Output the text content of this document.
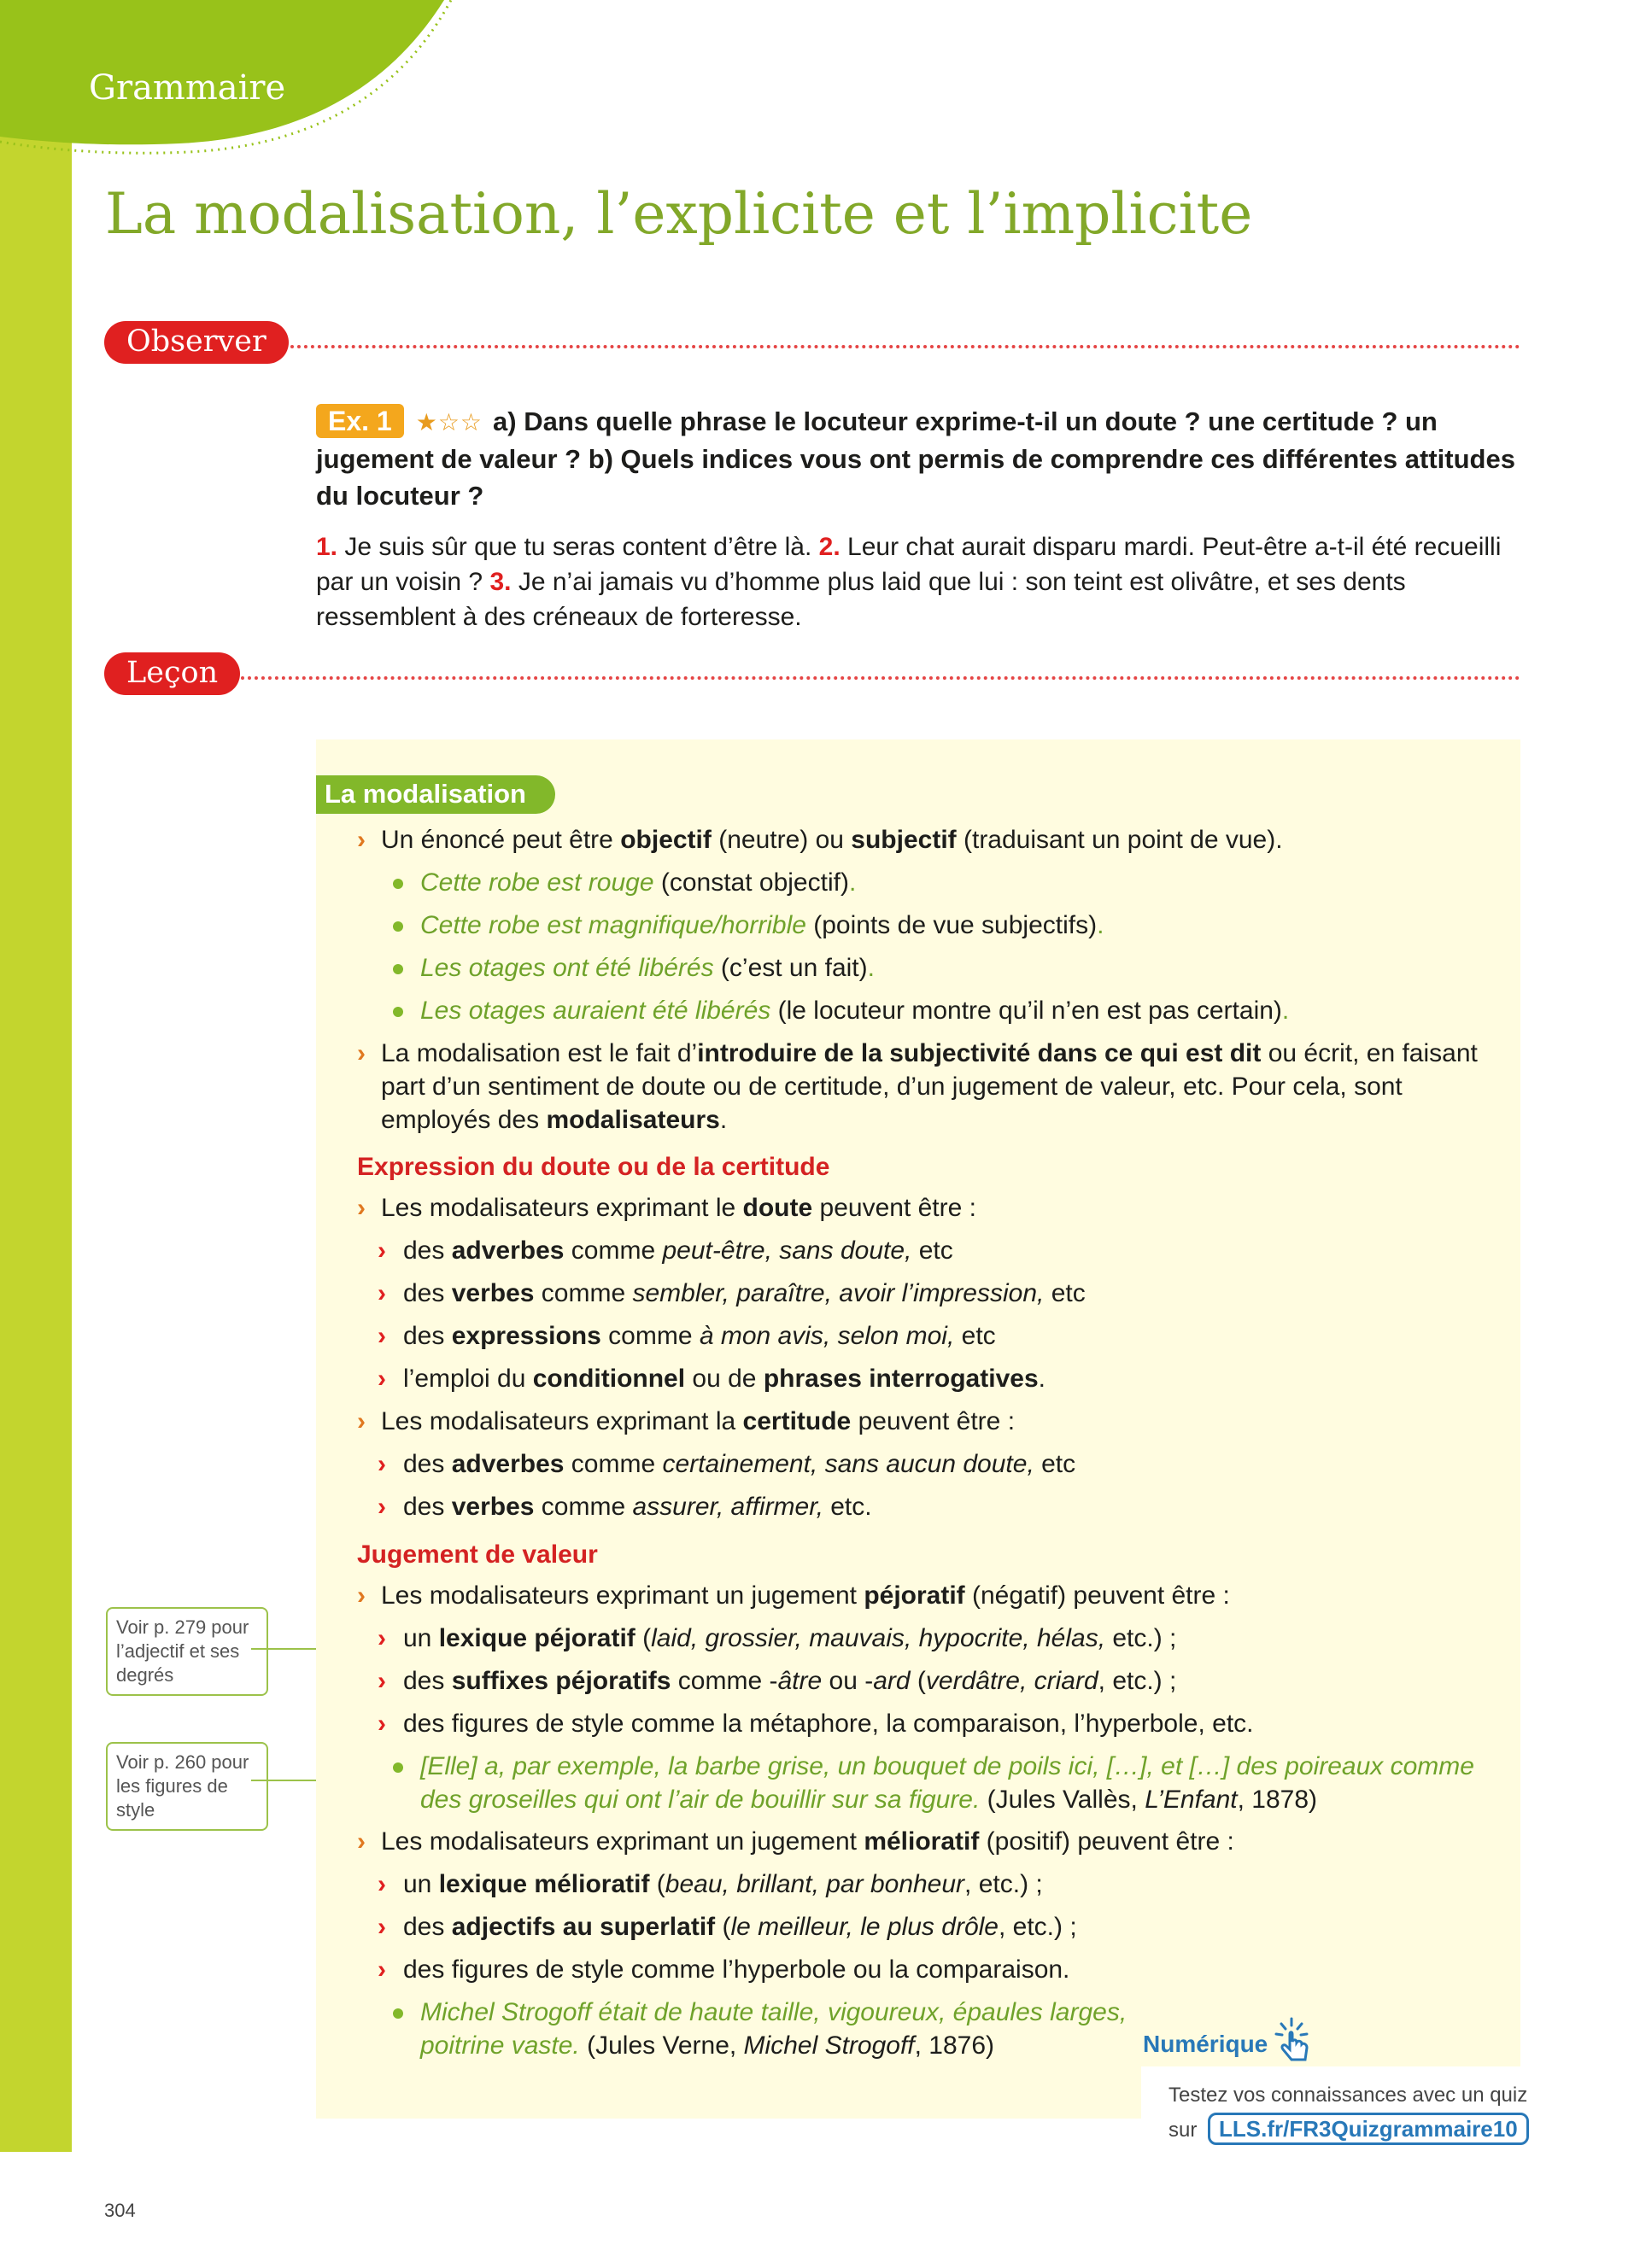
Grammaire
La modalisation, l’explicite et l’implicite
Observer
Ex. 1 ★☆☆ a) Dans quelle phrase le locuteur exprime-t-il un doute ? une certitude ? un jugement de valeur ? b) Quels indices vous ont permis de comprendre ces différentes attitudes du locuteur ?
1. Je suis sûr que tu seras content d’être là. 2. Leur chat aurait disparu mardi. Peut-être a-t-il été recueilli par un voisin ? 3. Je n’ai jamais vu d’homme plus laid que lui : son teint est olivâtre, et ses dents ressemblent à des créneaux de forteresse.
Leçon
La modalisation
› Un énoncé peut être objectif (neutre) ou subjectif (traduisant un point de vue).
Cette robe est rouge (constat objectif).
Cette robe est magnifique/horrible (points de vue subjectifs).
Les otages ont été libérés (c’est un fait).
Les otages auraient été libérés (le locuteur montre qu’il n’en est pas certain).
› La modalisation est le fait d’introduire de la subjectivité dans ce qui est dit ou écrit, en faisant part d’un sentiment de doute ou de certitude, d’un jugement de valeur, etc. Pour cela, sont employés des modalisateurs.
Expression du doute ou de la certitude
› Les modalisateurs exprimant le doute peuvent être :
› des adverbes comme peut-être, sans doute, etc
› des verbes comme sembler, paraître, avoir l’impression, etc
› des expressions comme à mon avis, selon moi, etc
› l’emploi du conditionnel ou de phrases interrogatives.
› Les modalisateurs exprimant la certitude peuvent être :
› des adverbes comme certainement, sans aucun doute, etc
› des verbes comme assurer, affirmer, etc.
Jugement de valeur
› Les modalisateurs exprimant un jugement péjoratif (négatif) peuvent être :
› un lexique péjoratif (laid, grossier, mauvais, hypocrite, hélas, etc.) ;
› des suffixes péjoratifs comme -âtre ou -ard (verdâtre, criard, etc.) ;
› des figures de style comme la métaphore, la comparaison, l’hyperbole, etc.
[Elle] a, par exemple, la barbe grise, un bouquet de poils ici, […], et […] des poireaux comme des groseilles qui ont l’air de bouillir sur sa figure. (Jules Vallès, L’Enfant, 1878)
› Les modalisateurs exprimant un jugement mélioratif (positif) peuvent être :
› un lexique mélioratif (beau, brillant, par bonheur, etc.) ;
› des adjectifs au superlatif (le meilleur, le plus drôle, etc.) ;
› des figures de style comme l’hyperbole ou la comparaison.
Michel Strogoff était de haute taille, vigoureux, épaules larges, poitrine vaste. (Jules Verne, Michel Strogoff, 1876)
Voir p. 279 pour l’adjectif et ses degrés
Voir p. 260 pour les figures de style
Numérique
Testez vos connaissances avec un quiz
sur LLS.fr/FR3Quizgrammaire10
304
